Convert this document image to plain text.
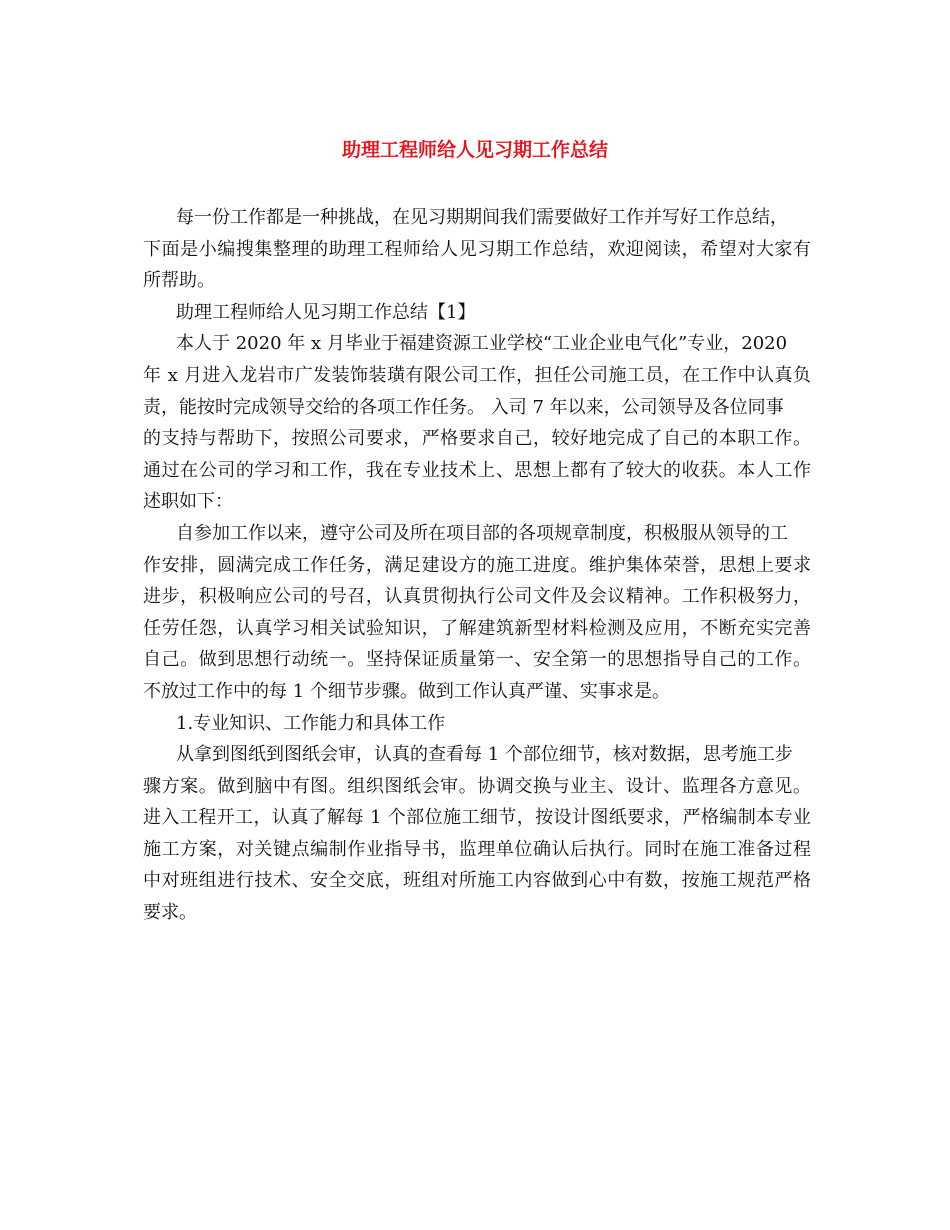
助理工程师给人见习期工作总结
每一份工作都是一种挑战，在见习期期间我们需要做好工作并写好工作总结，
下面是小编搜集整理的助理工程师给人见习期工作总结，欢迎阅读，希望对大家有
所帮助。
助理工程师给人见习期工作总结【1】
本人于 2020 年 x 月毕业于福建资源工业学校“工业企业电气化”专业，2020
年 x 月进入龙岩市广发装饰装璜有限公司工作，担任公司施工员，在工作中认真负
责，能按时完成领导交给的各项工作任务。 入司 7 年以来，公司领导及各位同事
的支持与帮助下，按照公司要求，严格要求自己，较好地完成了自己的本职工作。
通过在公司的学习和工作，我在专业技术上、思想上都有了较大的收获。本人工作
述职如下：
自参加工作以来，遵守公司及所在项目部的各项规章制度，积极服从领导的工
作安排，圆满完成工作任务，满足建设方的施工进度。维护集体荣誉，思想上要求
进步，积极响应公司的号召，认真贯彻执行公司文件及会议精神。工作积极努力，
任劳任怨，认真学习相关试验知识，了解建筑新型材料检测及应用，不断充实完善
自己。做到思想行动统一。坚持保证质量第一、安全第一的思想指导自己的工作。
不放过工作中的每 1 个细节步骤。做到工作认真严谨、实事求是。
1.专业知识、工作能力和具体工作
从拿到图纸到图纸会审，认真的查看每 1 个部位细节，核对数据，思考施工步
骤方案。做到脑中有图。组织图纸会审。协调交换与业主、设计、监理各方意见。
进入工程开工，认真了解每 1 个部位施工细节，按设计图纸要求，严格编制本专业
施工方案，对关键点编制作业指导书，监理单位确认后执行。同时在施工准备过程
中对班组进行技术、安全交底，班组对所施工内容做到心中有数，按施工规范严格
要求。
